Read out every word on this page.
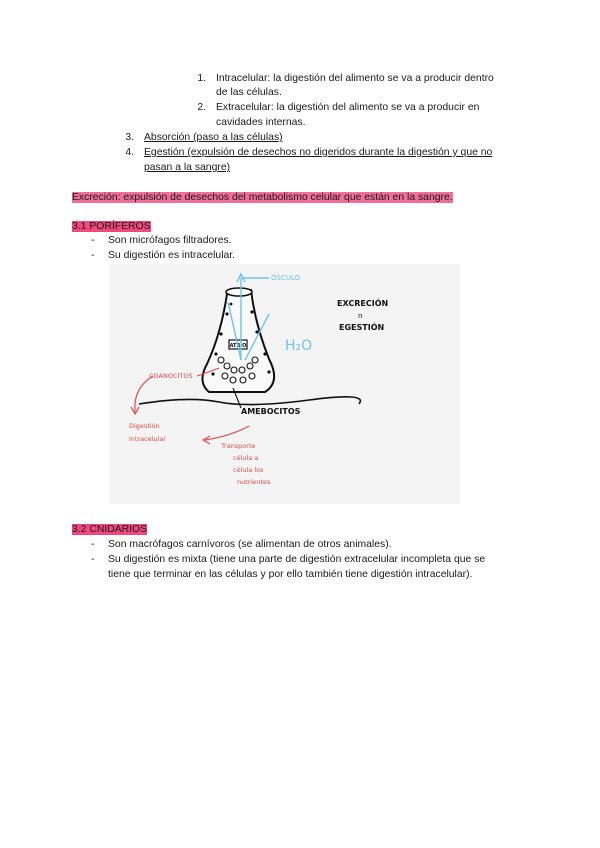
1. Intracelular: la digestión del alimento se va a producir dentro
de las células.
2. Extracelular: la digestión del alimento se va a producir en
cavidades internas.
3. Absorción (paso a las células)
4. Egestión (expulsión de desechos no digeridos durante la digestión y que no
pasan a la sangre)
Excreción: expulsión de desechos del metabolismo celular que están en la sangre.
3.1 PORÍFEROS
- Son micrófagos filtradores.
- Su digestión es intracelular.
ATRIO
ÓSCULO
H₂O
EXCRECIÓN
n
EGESTIÓN
COANOCITOS
AMEBOCITOS
Digestión
intracelular
Transporte
célula a
célula los
nutrientes
3.2 CNIDARIOS
- Son macrófagos carnívoros (se alimentan de otros animales).
- Su digestión es mixta (tiene una parte de digestión extracelular incompleta que se
tiene que terminar en las células y por ello también tiene digestión intracelular).
